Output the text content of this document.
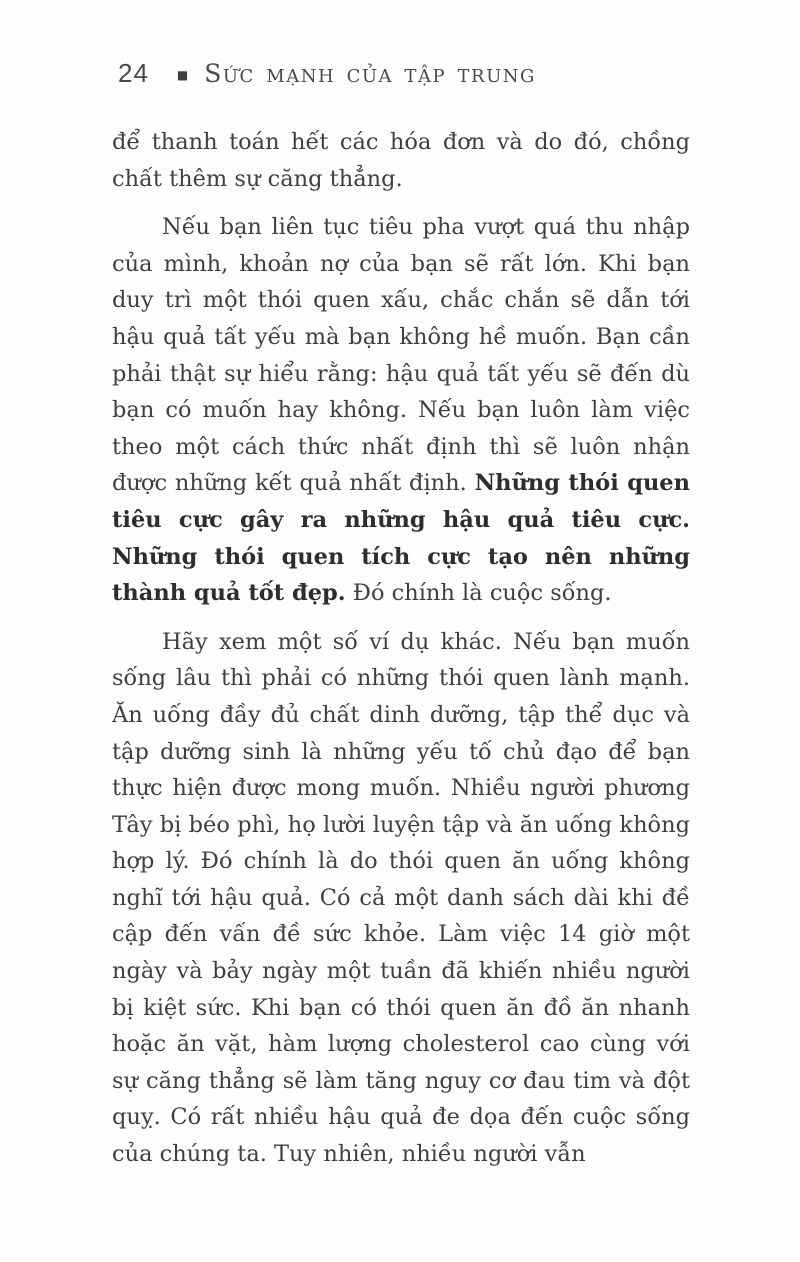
24 ■ Sức mạnh của tập trung

để thanh toán hết các hóa đơn và do đó, chồng chất thêm sự căng thẳng.

Nếu bạn liên tục tiêu pha vượt quá thu nhập của mình, khoản nợ của bạn sẽ rất lớn. Khi bạn duy trì một thói quen xấu, chắc chắn sẽ dẫn tới hậu quả tất yếu mà bạn không hề muốn. Bạn cần phải thật sự hiểu rằng: hậu quả tất yếu sẽ đến dù bạn có muốn hay không. Nếu bạn luôn làm việc theo một cách thức nhất định thì sẽ luôn nhận được những kết quả nhất định. Những thói quen tiêu cực gây ra những hậu quả tiêu cực. Những thói quen tích cực tạo nên những thành quả tốt đẹp. Đó chính là cuộc sống.

Hãy xem một số ví dụ khác. Nếu bạn muốn sống lâu thì phải có những thói quen lành mạnh. Ăn uống đầy đủ chất dinh dưỡng, tập thể dục và tập dưỡng sinh là những yếu tố chủ đạo để bạn thực hiện được mong muốn. Nhiều người phương Tây bị béo phì, họ lười luyện tập và ăn uống không hợp lý. Đó chính là do thói quen ăn uống không nghĩ tới hậu quả. Có cả một danh sách dài khi đề cập đến vấn đề sức khỏe. Làm việc 14 giờ một ngày và bảy ngày một tuần đã khiến nhiều người bị kiệt sức. Khi bạn có thói quen ăn đồ ăn nhanh hoặc ăn vặt, hàm lượng cholesterol cao cùng với sự căng thẳng sẽ làm tăng nguy cơ đau tim và đột quỵ. Có rất nhiều hậu quả đe dọa đến cuộc sống của chúng ta. Tuy nhiên, nhiều người vẫn
